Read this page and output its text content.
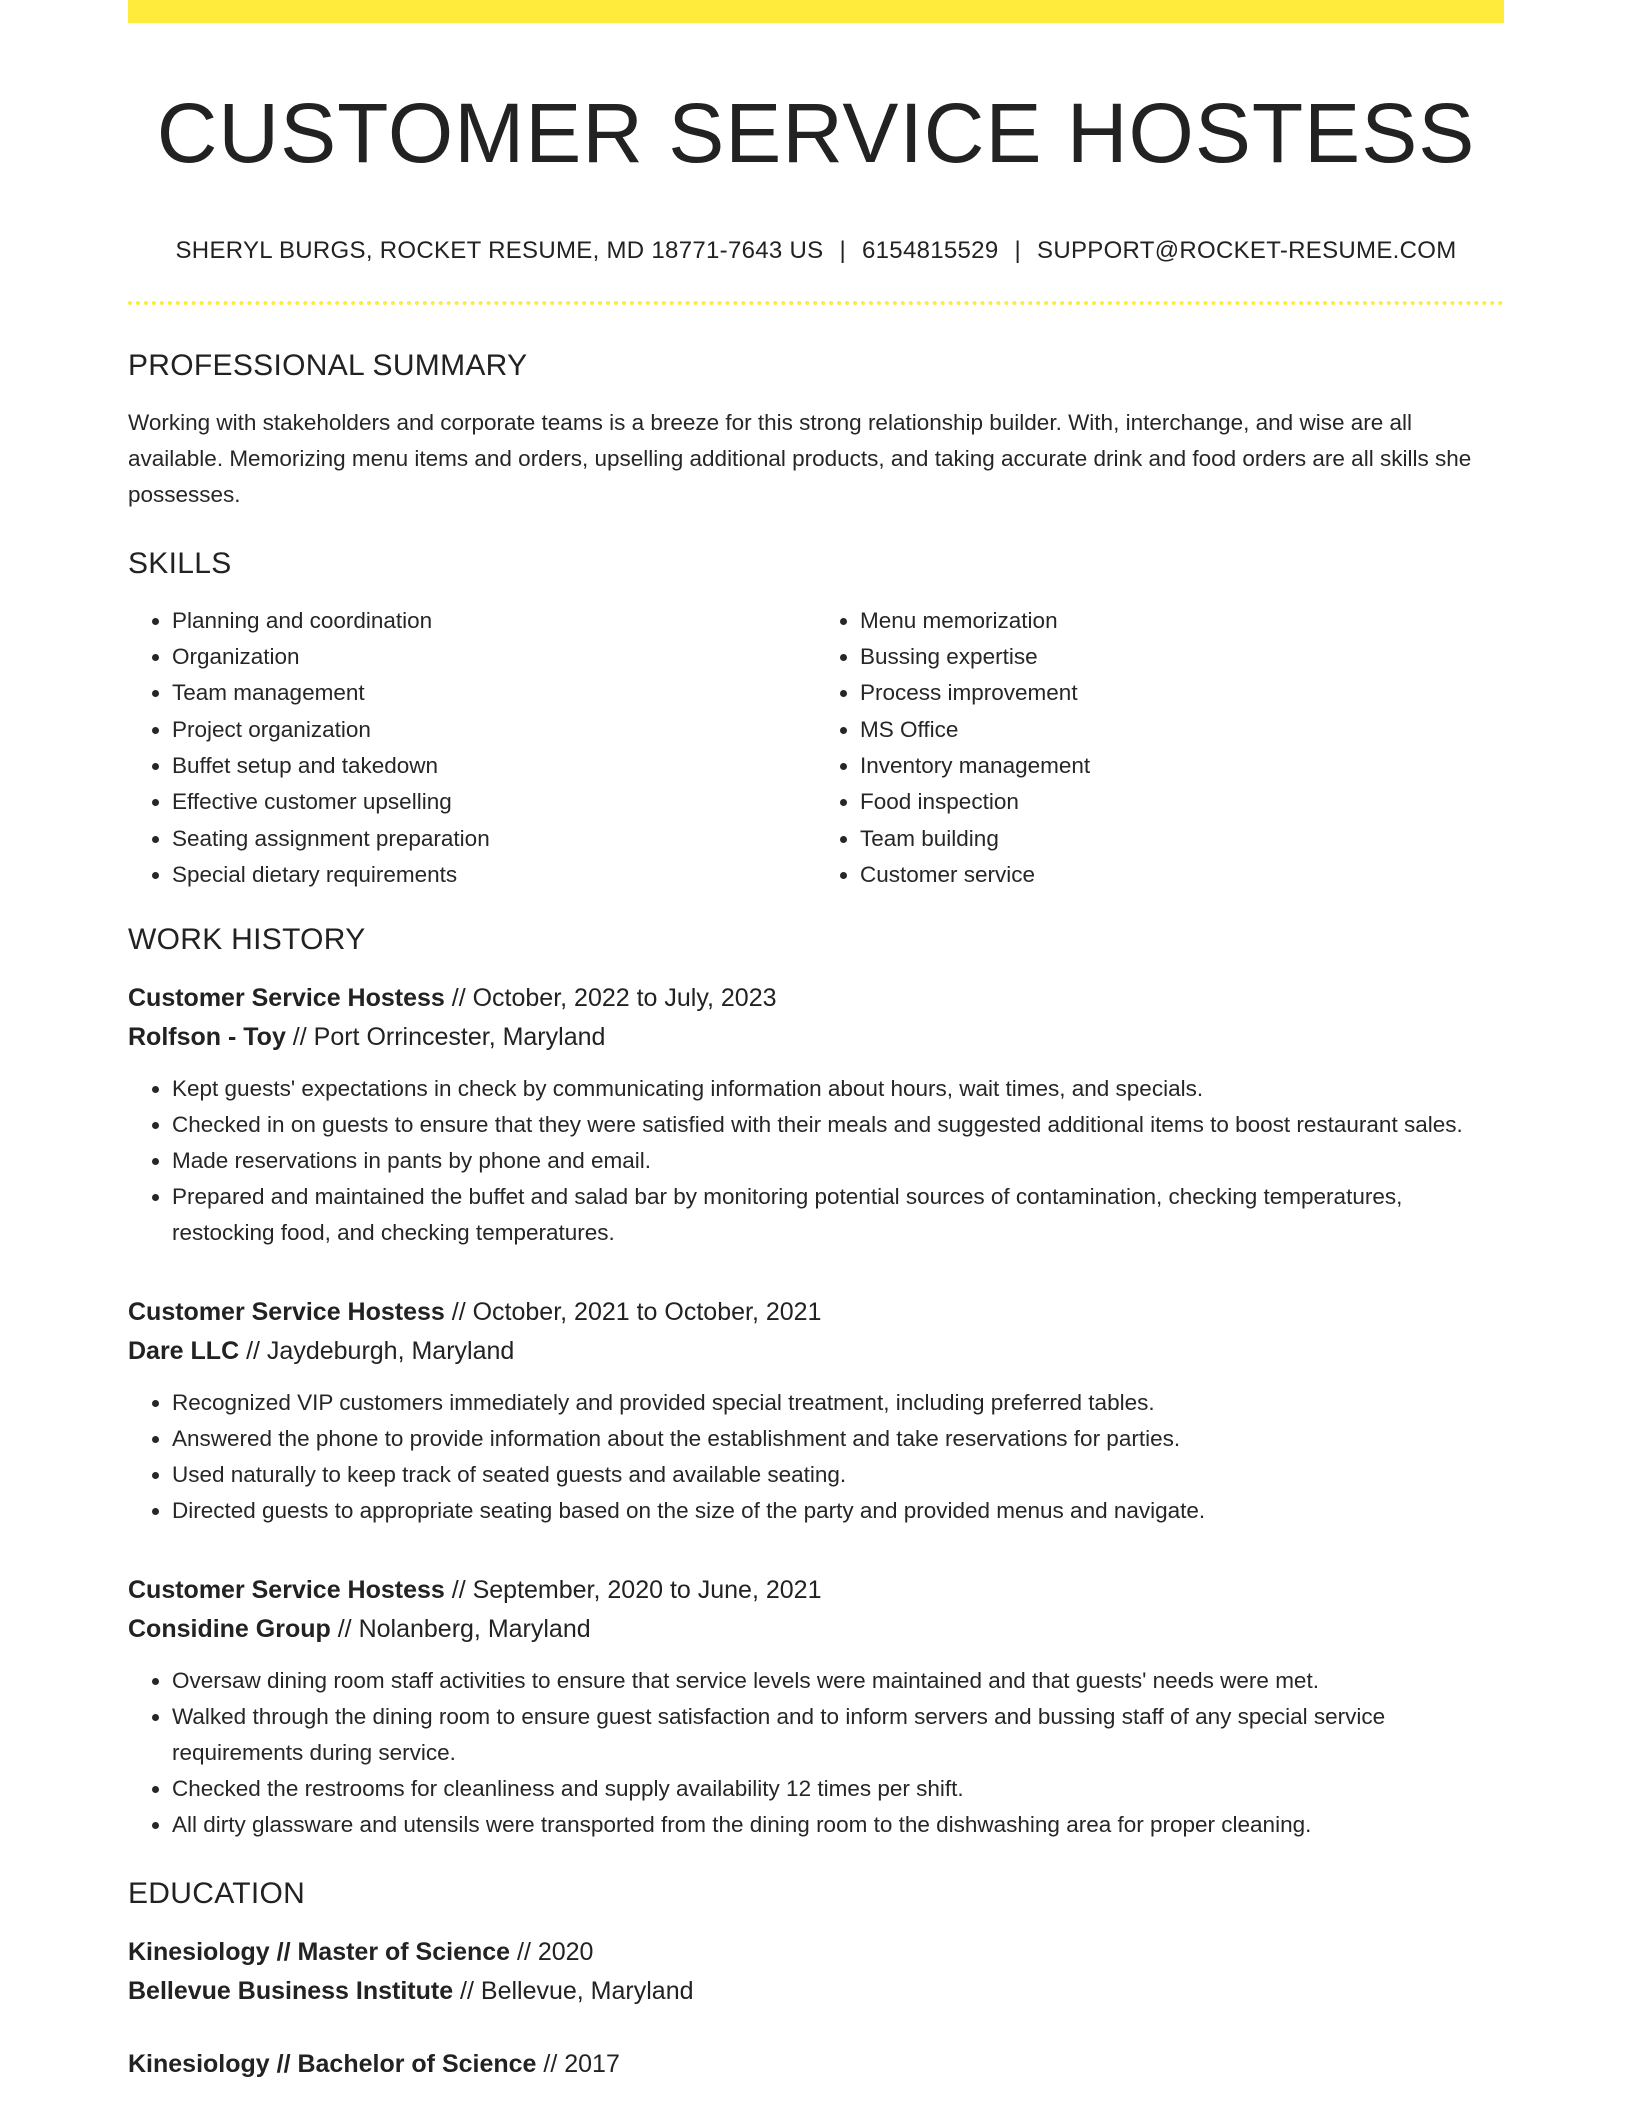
CUSTOMER SERVICE HOSTESS
SHERYL BURGS, ROCKET RESUME, MD 18771-7643 US | 6154815529 | SUPPORT@ROCKET-RESUME.COM
PROFESSIONAL SUMMARY

Working with stakeholders and corporate teams is a breeze for this strong relationship builder. With, interchange, and wise are all available. Memorizing menu items and orders, upselling additional products, and taking accurate drink and food orders are all skills she possesses.

SKILLS
• Planning and coordination
• Organization
• Team management
• Project organization
• Buffet setup and takedown
• Effective customer upselling
• Seating assignment preparation
• Special dietary requirements
• Menu memorization
• Bussing expertise
• Process improvement
• MS Office
• Inventory management
• Food inspection
• Team building
• Customer service
WORK HISTORY
Customer Service Hostess // October, 2022 to July, 2023
Rolfson - Toy // Port Orrincester, Maryland
• Kept guests' expectations in check by communicating information about hours, wait times, and specials.
• Checked in on guests to ensure that they were satisfied with their meals and suggested additional items to boost restaurant sales.
• Made reservations in pants by phone and email.
• Prepared and maintained the buffet and salad bar by monitoring potential sources of contamination, checking temperatures, restocking food, and checking temperatures.
Customer Service Hostess // October, 2021 to October, 2021
Dare LLC // Jaydeburgh, Maryland
• Recognized VIP customers immediately and provided special treatment, including preferred tables.
• Answered the phone to provide information about the establishment and take reservations for parties.
• Used naturally to keep track of seated guests and available seating.
• Directed guests to appropriate seating based on the size of the party and provided menus and navigate.
Customer Service Hostess // September, 2020 to June, 2021
Considine Group // Nolanberg, Maryland
• Oversaw dining room staff activities to ensure that service levels were maintained and that guests' needs were met.
• Walked through the dining room to ensure guest satisfaction and to inform servers and bussing staff of any special service requirements during service.
• Checked the restrooms for cleanliness and supply availability 12 times per shift.
• All dirty glassware and utensils were transported from the dining room to the dishwashing area for proper cleaning.
EDUCATION
Kinesiology // Master of Science // 2020
Bellevue Business Institute // Bellevue, Maryland
Kinesiology // Bachelor of Science // 2017
